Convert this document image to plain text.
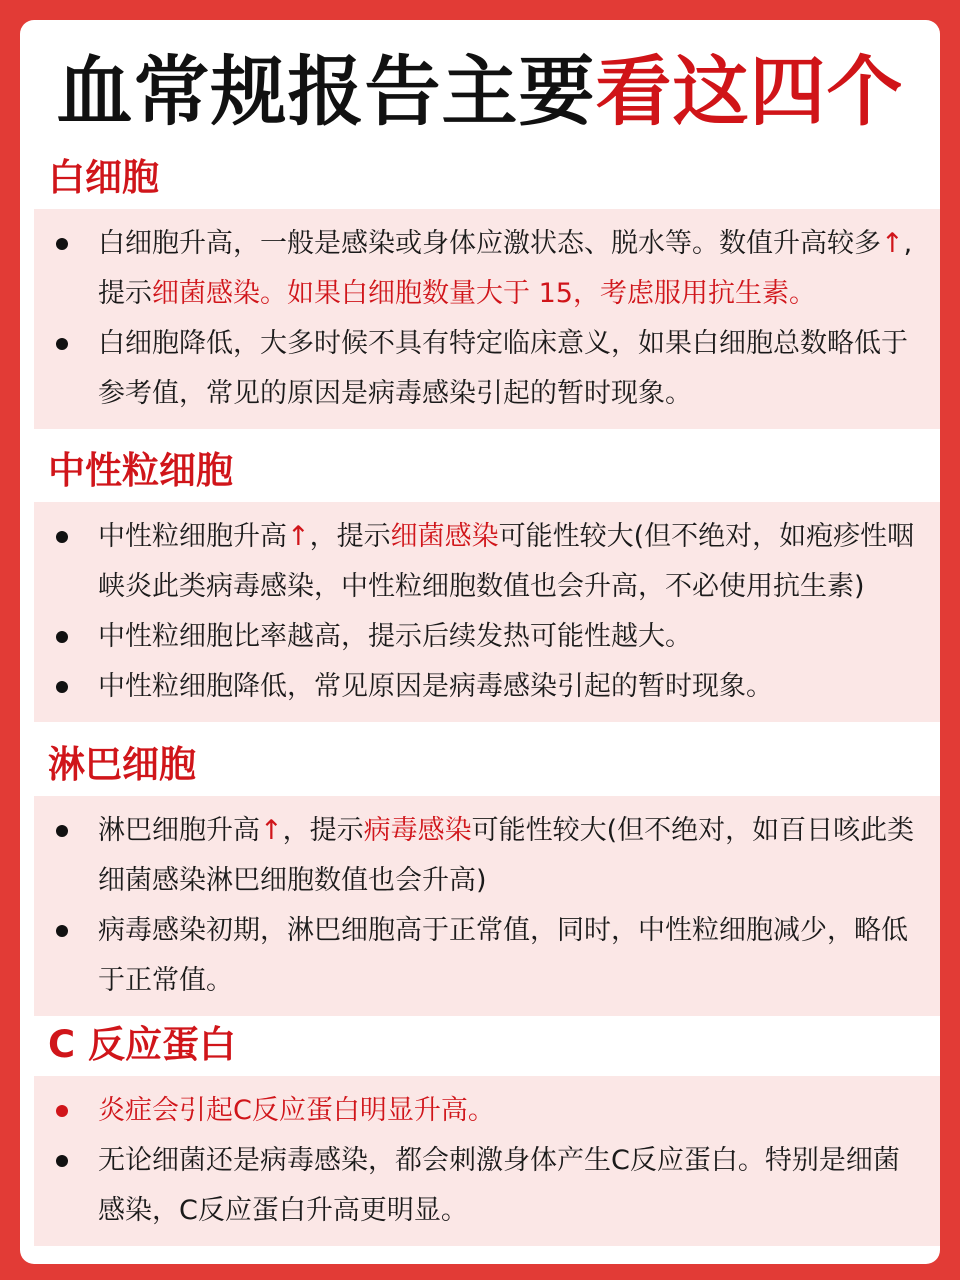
血常规报告主要看这四个
白细胞
白细胞升高，一般是感染或身体应激状态、脱水等。数值升高较多↑,提示细菌感染。如果白细胞数量大于 15，考虑服用抗生素。
白细胞降低，大多时候不具有特定临床意义，如果白细胞总数略低于参考值，常见的原因是病毒感染引起的暂时现象。
中性粒细胞
中性粒细胞升高↑，提示细菌感染可能性较大(但不绝对，如疱疹性咽峡炎此类病毒感染，中性粒细胞数值也会升高，不必使用抗生素)
中性粒细胞比率越高，提示后续发热可能性越大。
中性粒细胞降低，常见原因是病毒感染引起的暂时现象。
淋巴细胞
淋巴细胞升高↑，提示病毒感染可能性较大(但不绝对，如百日咳此类细菌感染淋巴细胞数值也会升高)
病毒感染初期，淋巴细胞高于正常值，同时，中性粒细胞减少，略低于正常值。
C 反应蛋白
炎症会引起C反应蛋白明显升高。
无论细菌还是病毒感染，都会刺激身体产生C反应蛋白。特别是细菌感染，C反应蛋白升高更明显。
